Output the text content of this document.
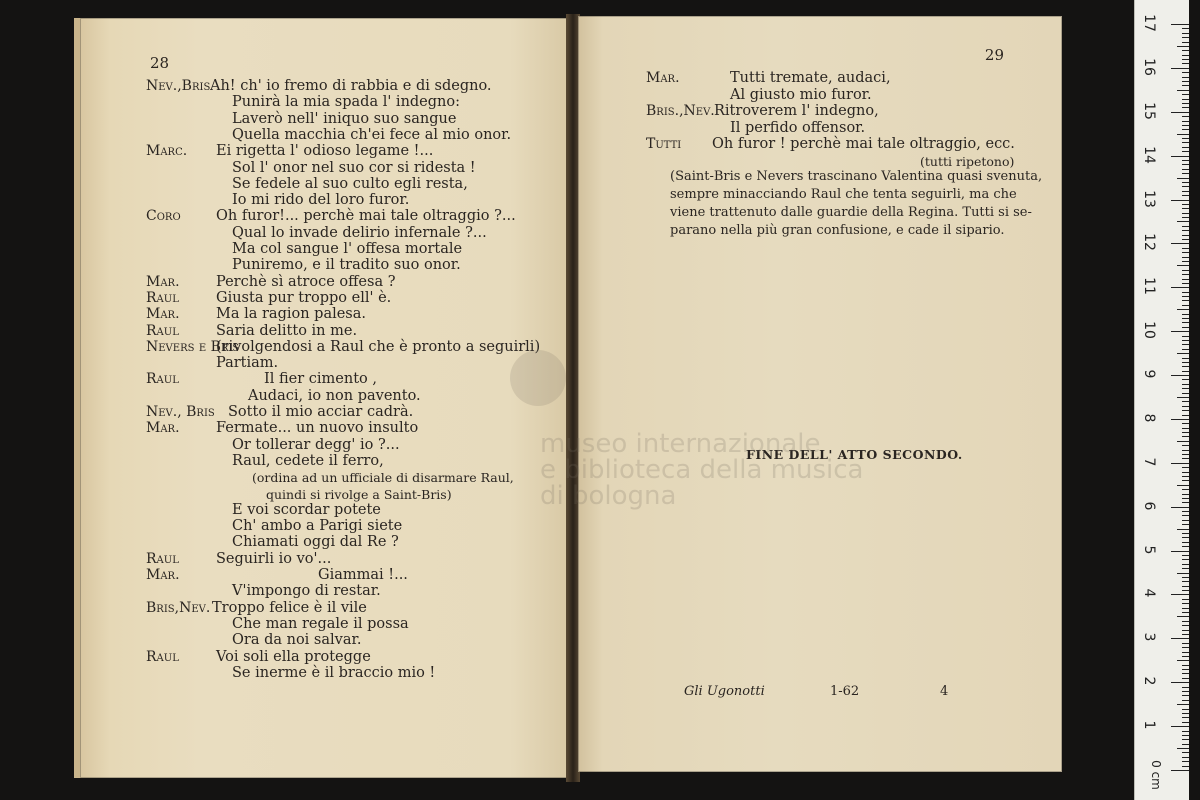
28
Nev.,Bris Ah! ch' io fremo di rabbia e di sdegno.
Punirà la mia spada l' indegno:
Laverò nell' iniquo suo sangue
Quella macchia ch'ei fece al mio onor.
Marc. Ei rigetta l' odioso legame !...
Sol l' onor nel suo cor si ridesta !
Se fedele al suo culto egli resta,
Io mi rido del loro furor.
Coro Oh furor!... perchè mai tale oltraggio ?...
Qual lo invade delirio infernale ?...
Ma col sangue l' offesa mortale
Puniremo, e il tradito suo onor.
Mar.	Perchè sì atroce offesa ?
Raul	Giusta pur troppo ell' è.
Mar.	Ma la ragion palesa.
Raul	Saria delitto in me.
Nevers e Bris
(rivolgendosi a Raul che è pronto a seguirli)
Partiam.
Raul	Il fier cimento ,
Audaci, io non pavento.
Nev., Bris Sotto il mio acciar cadrà.
Mar.	Fermate... un nuovo insulto
Or tollerar degg' io ?...
Raul, cedete il ferro,
(ordina ad un ufficiale di disarmare Raul,
quindi si rivolge a Saint-Bris)
E voi scordar potete
Ch' ambo a Parigi siete
Chiamati oggi dal Re ?
Raul	Seguirli io vo'...
Mar.	Giammai !...
V'impongo di restar.
Bris,Nev. Troppo felice è il vile
Che man regale il possa
Ora da noi salvar.
Raul	Voi soli ella protegge
Se inerme è il braccio mio !
29
Mar.	Tutti tremate, audaci,
Al giusto mio furor.
Bris.,Nev. Ritroverem l' indegno,
Il perfido offensor.
Tutti Oh furor ! perchè mai tale oltraggio, ecc.
(tutti ripetono)
(Saint-Bris e Nevers trascinano Valentina quasi svenuta,
sempre minacciando Raul che tenta seguirli, ma che
viene trattenuto dalle guardie della Regina. Tutti si se-
parano nella più gran confusione, e cade il sipario.
FINE DELL' ATTO SECONDO.
Gli Ugonotti	1-62	4
museo internazionale
e biblioteca della musica
di bologna
0 cm
1
2
3
4
5
6
7
8
9
10
11
12
13
14
15
16
17
